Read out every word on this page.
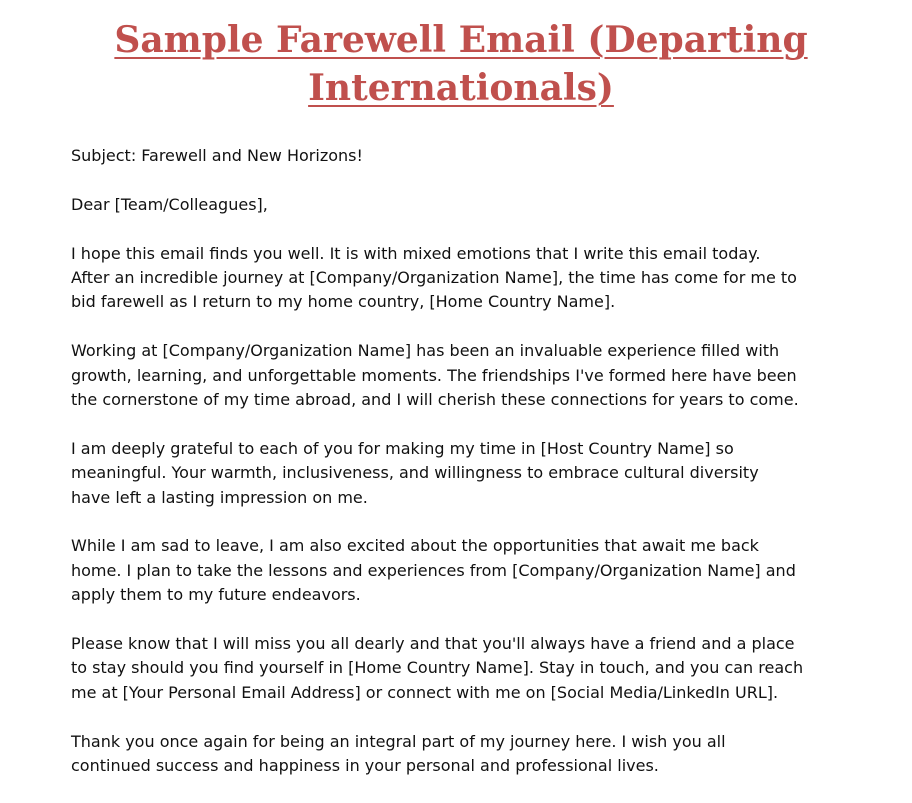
Sample Farewell Email (Departing
Internationals)

Subject: Farewell and New Horizons!

Dear [Team/Colleagues],

I hope this email finds you well. It is with mixed emotions that I write this email today.
After an incredible journey at [Company/Organization Name], the time has come for me to
bid farewell as I return to my home country, [Home Country Name].

Working at [Company/Organization Name] has been an invaluable experience filled with
growth, learning, and unforgettable moments. The friendships I've formed here have been
the cornerstone of my time abroad, and I will cherish these connections for years to come.

I am deeply grateful to each of you for making my time in [Host Country Name] so
meaningful. Your warmth, inclusiveness, and willingness to embrace cultural diversity
have left a lasting impression on me.

While I am sad to leave, I am also excited about the opportunities that await me back
home. I plan to take the lessons and experiences from [Company/Organization Name] and
apply them to my future endeavors.

Please know that I will miss you all dearly and that you'll always have a friend and a place
to stay should you find yourself in [Home Country Name]. Stay in touch, and you can reach
me at [Your Personal Email Address] or connect with me on [Social Media/LinkedIn URL].

Thank you once again for being an integral part of my journey here. I wish you all
continued success and happiness in your personal and professional lives.
